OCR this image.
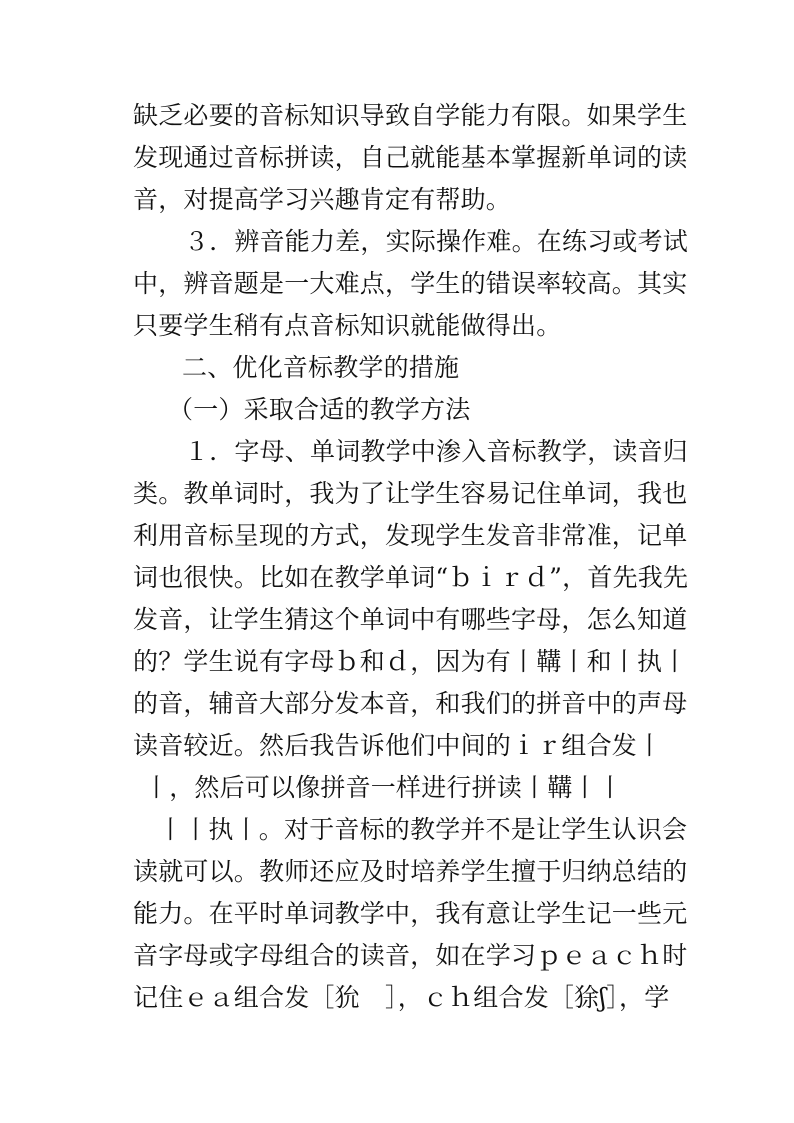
缺乏必要的音标知识导致自学能力有限。如果学生
发现通过音标拼读，自己就能基本掌握新单词的读
音，对提高学习兴趣肯定有帮助。
３．辨音能力差，实际操作难。在练习或考试
中，辨音题是一大难点，学生的错误率较高。其实
只要学生稍有点音标知识就能做得出。
二、优化音标教学的措施
（一）采取合适的教学方法
１．字母、单词教学中渗入音标教学，读音归
类。教单词时，我为了让学生容易记住单词，我也
利用音标呈现的方式，发现学生发音非常准，记单
词也很快。比如在教学单词“ｂｉｒｄ”，首先我先
发音，让学生猜这个单词中有哪些字母，怎么知道
的？学生说有字母ｂ和ｄ，因为有丨鞲丨和丨执丨
的音，辅音大部分发本音，和我们的拼音中的声母
读音较近。然后我告诉他们中间的ｉｒ组合发丨
丨，然后可以像拼音一样进行拼读丨鞲丨丨
丨丨执丨。对于音标的教学并不是让学生认识会
读就可以。教师还应及时培养学生擅于归纳总结的
能力。在平时单词教学中，我有意让学生记一些元
音字母或字母组合的读音，如在学习ｐｅａｃｈ时
记住ｅａ组合发［狁　］，ｃｈ组合发［狳ʃ］，学
